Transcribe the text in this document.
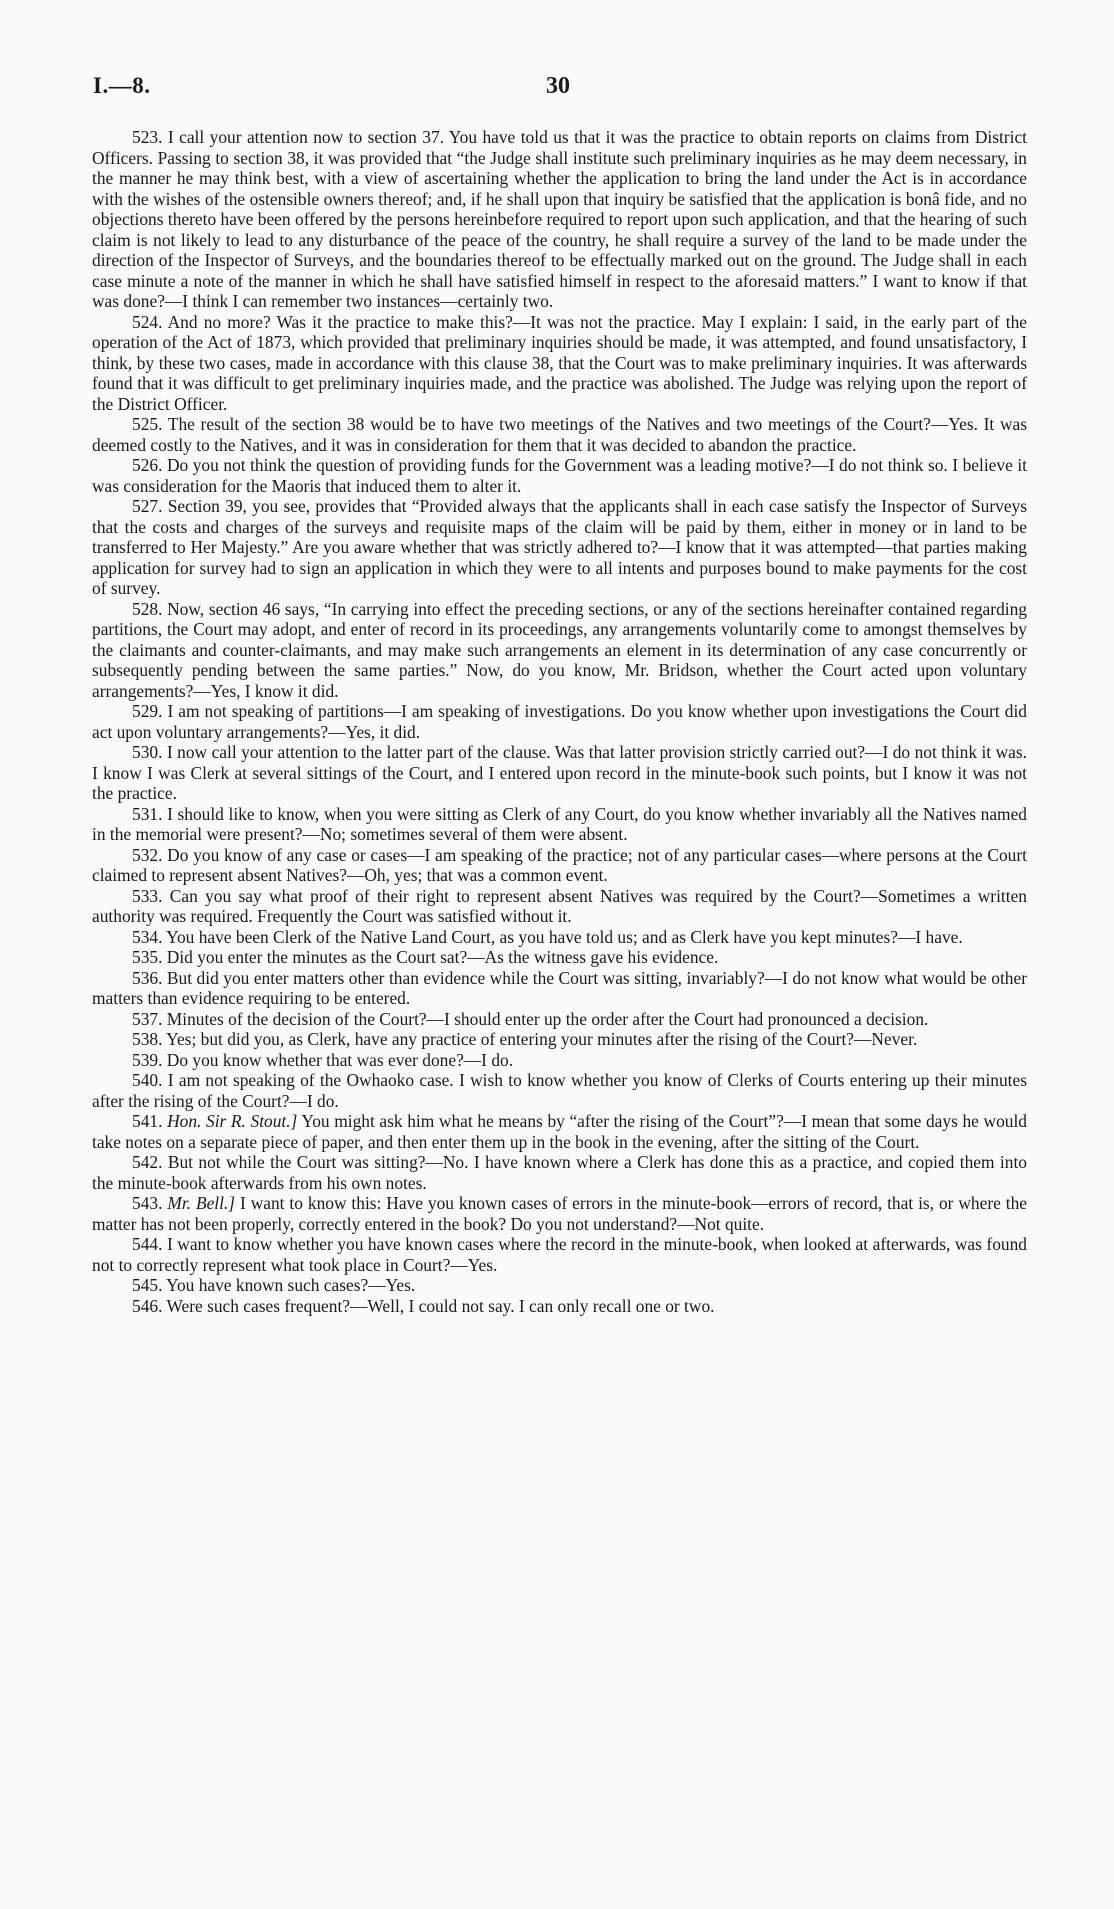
I.—8.	30

523. I call your attention now to section 37. You have told us that it was the practice to obtain reports on claims from District Officers. Passing to section 38, it was provided that “the Judge shall institute such preliminary inquiries as he may deem necessary, in the manner he may think best, with a view of ascertaining whether the application to bring the land under the Act is in accordance with the wishes of the ostensible owners thereof; and, if he shall upon that inquiry be satisfied that the application is bonâ fide, and no objections thereto have been offered by the persons hereinbefore required to report upon such application, and that the hearing of such claim is not likely to lead to any disturbance of the peace of the country, he shall require a survey of the land to be made under the direction of the Inspector of Surveys, and the boundaries thereof to be effectually marked out on the ground. The Judge shall in each case minute a note of the manner in which he shall have satisfied himself in respect to the aforesaid matters.” I want to know if that was done?—I think I can remember two instances—certainly two.

524. And no more? Was it the practice to make this?—It was not the practice. May I explain: I said, in the early part of the operation of the Act of 1873, which provided that preliminary inquiries should be made, it was attempted, and found unsatisfactory, I think, by these two cases, made in accordance with this clause 38, that the Court was to make preliminary inquiries. It was afterwards found that it was difficult to get preliminary inquiries made, and the practice was abolished. The Judge was relying upon the report of the District Officer.

525. The result of the section 38 would be to have two meetings of the Natives and two meetings of the Court?—Yes. It was deemed costly to the Natives, and it was in consideration for them that it was decided to abandon the practice.

526. Do you not think the question of providing funds for the Government was a leading motive?—I do not think so. I believe it was consideration for the Maoris that induced them to alter it.

527. Section 39, you see, provides that “Provided always that the applicants shall in each case satisfy the Inspector of Surveys that the costs and charges of the surveys and requisite maps of the claim will be paid by them, either in money or in land to be transferred to Her Majesty.” Are you aware whether that was strictly adhered to?—I know that it was attempted—that parties making application for survey had to sign an application in which they were to all intents and purposes bound to make payments for the cost of survey.

528. Now, section 46 says, “In carrying into effect the preceding sections, or any of the sections hereinafter contained regarding partitions, the Court may adopt, and enter of record in its proceedings, any arrangements voluntarily come to amongst themselves by the claimants and counter-claimants, and may make such arrangements an element in its determination of any case concurrently or subsequently pending between the same parties.” Now, do you know, Mr. Bridson, whether the Court acted upon voluntary arrangements?—Yes, I know it did.

529. I am not speaking of partitions—I am speaking of investigations. Do you know whether upon investigations the Court did act upon voluntary arrangements?—Yes, it did.

530. I now call your attention to the latter part of the clause. Was that latter provision strictly carried out?—I do not think it was. I know I was Clerk at several sittings of the Court, and I entered upon record in the minute-book such points, but I know it was not the practice.

531. I should like to know, when you were sitting as Clerk of any Court, do you know whether invariably all the Natives named in the memorial were present?—No; sometimes several of them were absent.

532. Do you know of any case or cases—I am speaking of the practice; not of any particular cases—where persons at the Court claimed to represent absent Natives?—Oh, yes; that was a common event.

533. Can you say what proof of their right to represent absent Natives was required by the Court?—Sometimes a written authority was required. Frequently the Court was satisfied without it.

534. You have been Clerk of the Native Land Court, as you have told us; and as Clerk have you kept minutes?—I have.

535. Did you enter the minutes as the Court sat?—As the witness gave his evidence.

536. But did you enter matters other than evidence while the Court was sitting, invariably?—I do not know what would be other matters than evidence requiring to be entered.

537. Minutes of the decision of the Court?—I should enter up the order after the Court had pronounced a decision.

538. Yes; but did you, as Clerk, have any practice of entering your minutes after the rising of the Court?—Never.

539. Do you know whether that was ever done?—I do.

540. I am not speaking of the Owhaoko case. I wish to know whether you know of Clerks of Courts entering up their minutes after the rising of the Court?—I do.

541. Hon. Sir R. Stout.] You might ask him what he means by “after the rising of the Court”?—I mean that some days he would take notes on a separate piece of paper, and then enter them up in the book in the evening, after the sitting of the Court.

542. But not while the Court was sitting?—No. I have known where a Clerk has done this as a practice, and copied them into the minute-book afterwards from his own notes.

543. Mr. Bell.] I want to know this: Have you known cases of errors in the minute-book—errors of record, that is, or where the matter has not been properly, correctly entered in the book? Do you not understand?—Not quite.

544. I want to know whether you have known cases where the record in the minute-book, when looked at afterwards, was found not to correctly represent what took place in Court?—Yes.

545. You have known such cases?—Yes.

546. Were such cases frequent?—Well, I could not say. I can only recall one or two.
